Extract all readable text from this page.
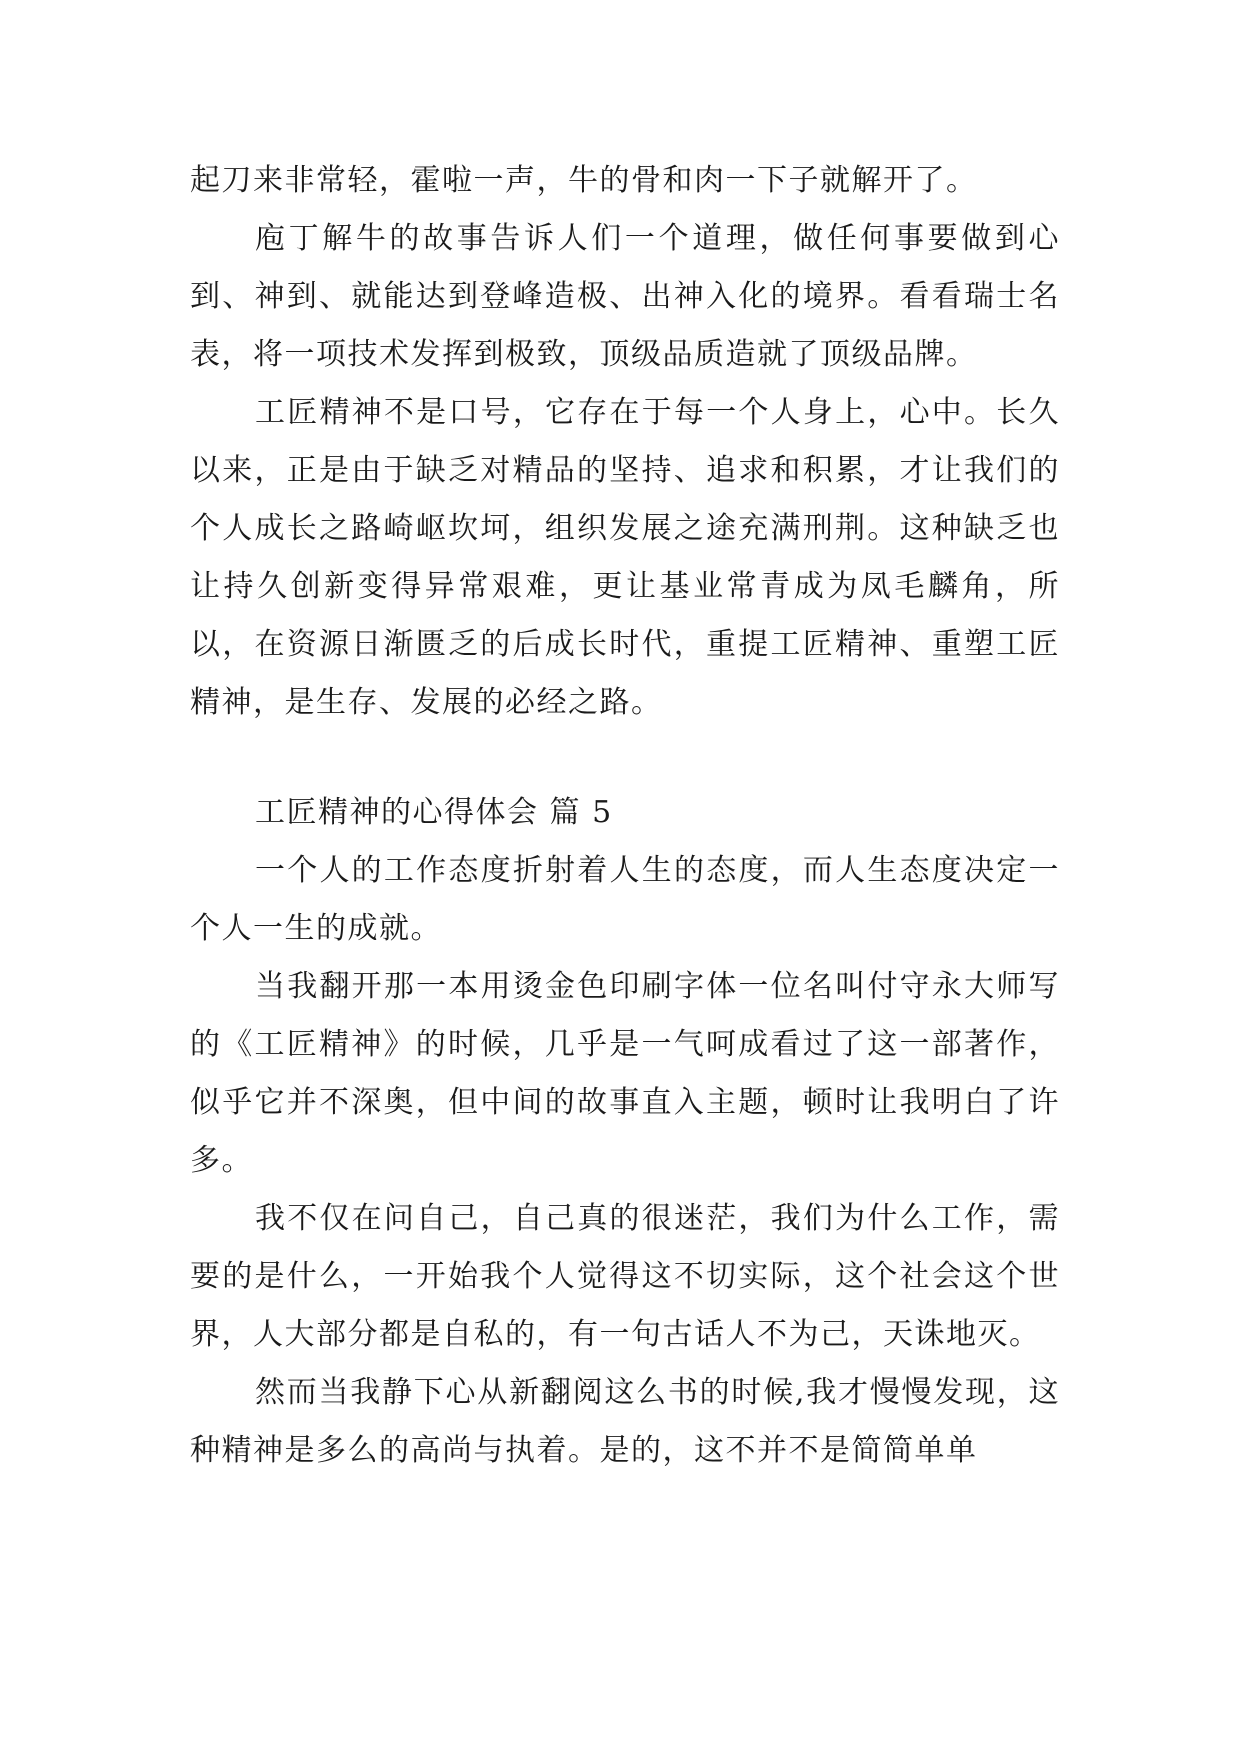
起刀来非常轻，霍啦一声，牛的骨和肉一下子就解开了。

庖丁解牛的故事告诉人们一个道理，做任何事要做到心到、神到、就能达到登峰造极、出神入化的境界。看看瑞士名表，将一项技术发挥到极致，顶级品质造就了顶级品牌。

工匠精神不是口号，它存在于每一个人身上，心中。长久以来，正是由于缺乏对精品的坚持、追求和积累，才让我们的个人成长之路崎岖坎坷，组织发展之途充满刑荆。这种缺乏也让持久创新变得异常艰难，更让基业常青成为凤毛麟角，所以，在资源日渐匮乏的后成长时代，重提工匠精神、重塑工匠精神，是生存、发展的必经之路。

工匠精神的心得体会 篇 5

一个人的工作态度折射着人生的态度，而人生态度决定一个人一生的成就。

当我翻开那一本用烫金色印刷字体一位名叫付守永大师写的《工匠精神》的时候，几乎是一气呵成看过了这一部著作，似乎它并不深奥，但中间的故事直入主题，顿时让我明白了许多。

我不仅在问自己，自己真的很迷茫，我们为什么工作，需要的是什么，一开始我个人觉得这不切实际，这个社会这个世界，人大部分都是自私的，有一句古话人不为己，天诛地灭。

然而当我静下心从新翻阅这么书的时候,我才慢慢发现，这种精神是多么的高尚与执着。是的，这不并不是简简单单
